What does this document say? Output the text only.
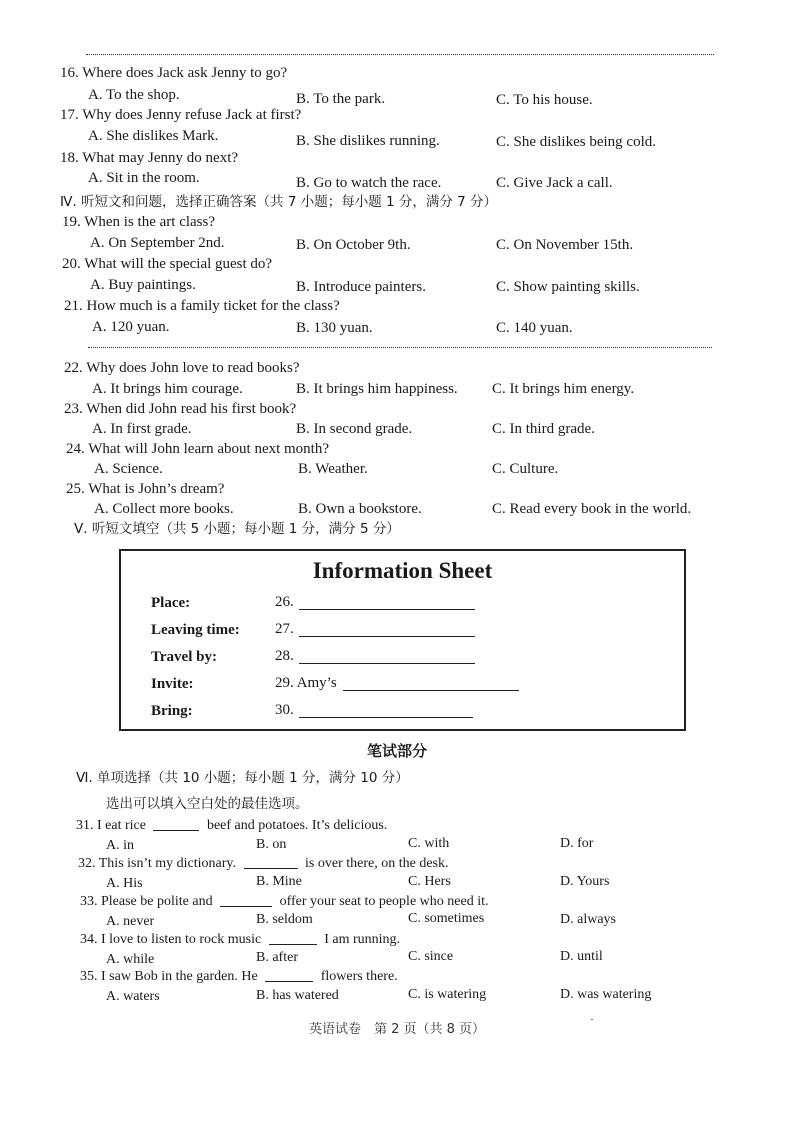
16. Where does Jack ask Jenny to go?
A. To the shop.	B. To the park.	C. To his house.
17. Why does Jenny refuse Jack at first?
A. She dislikes Mark.	B. She dislikes running.	C. She dislikes being cold.
18. What may Jenny do next?
A. Sit in the room.	B. Go to watch the race.	C. Give Jack a call.
Ⅳ. 听短文和问题，选择正确答案（共 7 小题；每小题 1 分，满分 7 分）
19. When is the art class?
A. On September 2nd.	B. On October 9th.	C. On November 15th.
20. What will the special guest do?
A. Buy paintings.	B. Introduce painters.	C. Show painting skills.
21. How much is a family ticket for the class?
A. 120 yuan.	B. 130 yuan.	C. 140 yuan.
22. Why does John love to read books?
A. It brings him courage.	B. It brings him happiness. C. It brings him energy.
23. When did John read his first book?
A. In first grade.	B. In second grade.	C. In third grade.
24. What will John learn about next month?
A. Science.	B. Weather.	C. Culture.
25. What is John’s dream?
A. Collect more books.	B. Own a bookstore.	C. Read every book in the world.
Ⅴ. 听短文填空（共 5 小题；每小题 1 分，满分 5 分）
Information Sheet
Place:	26.
Leaving time: 27.
Travel by:	28.
Invite:	29. Amy’s
Bring:	30.
笔试部分
Ⅵ. 单项选择（共 10 小题；每小题 1 分，满分 10 分）
选出可以填入空白处的最佳选项。
31. I eat rice	beef and potatoes. It’s delicious.
A. in	B. on	C. with	D. for
32. This isn’t my dictionary.	is over there, on the desk.
A. His	B. Mine	C. Hers	D. Yours
33. Please be polite and	offer your seat to people who need it.
A. never	B. seldom	C. sometimes	D. always
34. I love to listen to rock music	I am running.
A. while	B. after	C. since	D. until
35. I saw Bob in the garden. He	flowers there.
A. waters	B. has watered	C. is watering	D. was watering
·
英语试卷　第 2 页（共 8 页）
